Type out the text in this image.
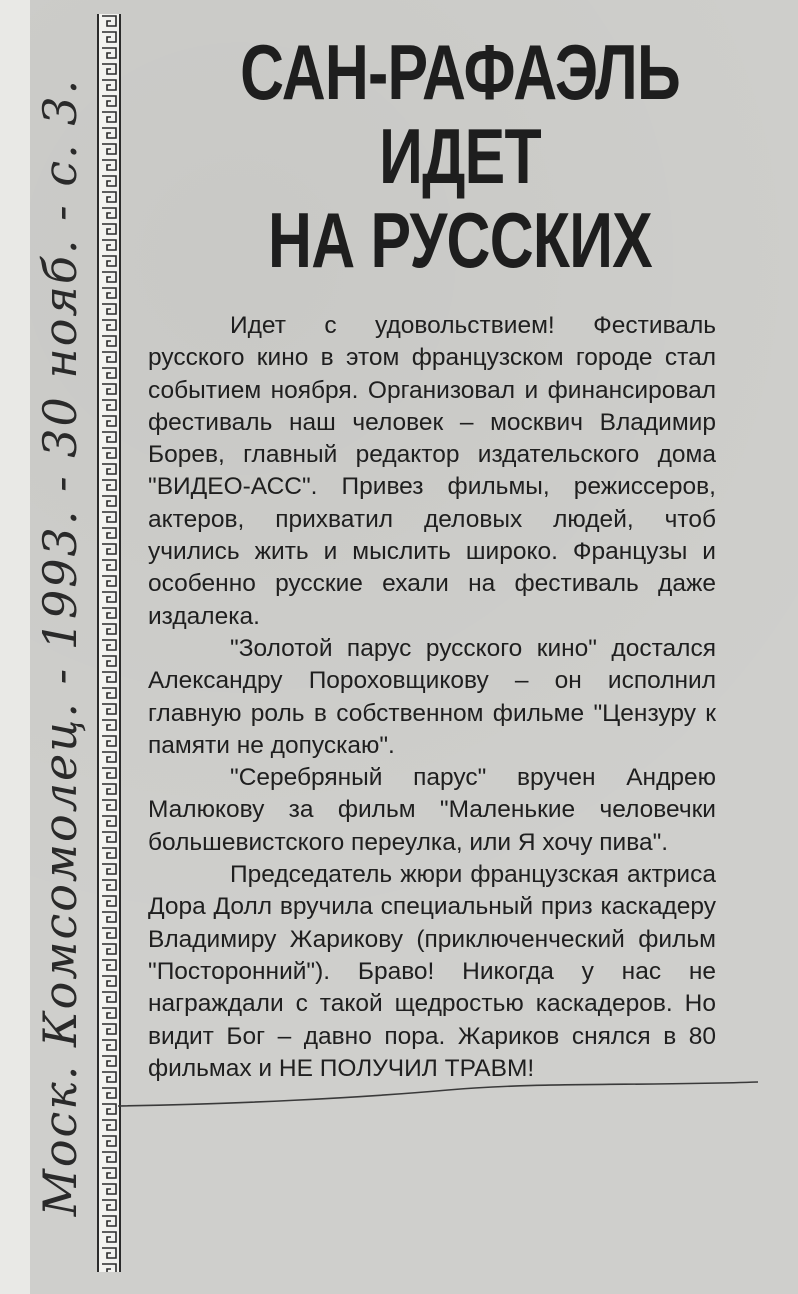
Моск. Комсомолец. - 1993. - 30 нояб. - с. 3.
САН-РАФАЭЛЬ
ИДЕТ
НА РУССКИХ

Идет с удовольствием! Фестиваль русского кино в этом французском городе стал событием ноября. Организовал и финансировал фестиваль наш человек – москвич Владимир Борев, главный редактор издательского дома "ВИДЕО-АСС". Привез фильмы, режиссеров, актеров, прихватил деловых людей, чтоб учились жить и мыслить широко. Французы и особенно русские ехали на фестиваль даже издалека.

"Золотой парус русского кино" достался Александру Пороховщикову – он исполнил главную роль в собственном фильме "Цензуру к памяти не допускаю".

"Серебряный парус" вручен Андрею Малюкову за фильм "Маленькие человечки большевистского переулка, или Я хочу пива".

Председатель жюри французская актриса Дора Долл вручила специальный приз каскадеру Владимиру Жарикову (приключенческий фильм "Посторонний"). Браво! Никогда у нас не награждали с такой щедростью каскадеров. Но видит Бог – давно пора. Жариков снялся в 80 фильмах и НЕ ПОЛУЧИЛ ТРАВМ!
